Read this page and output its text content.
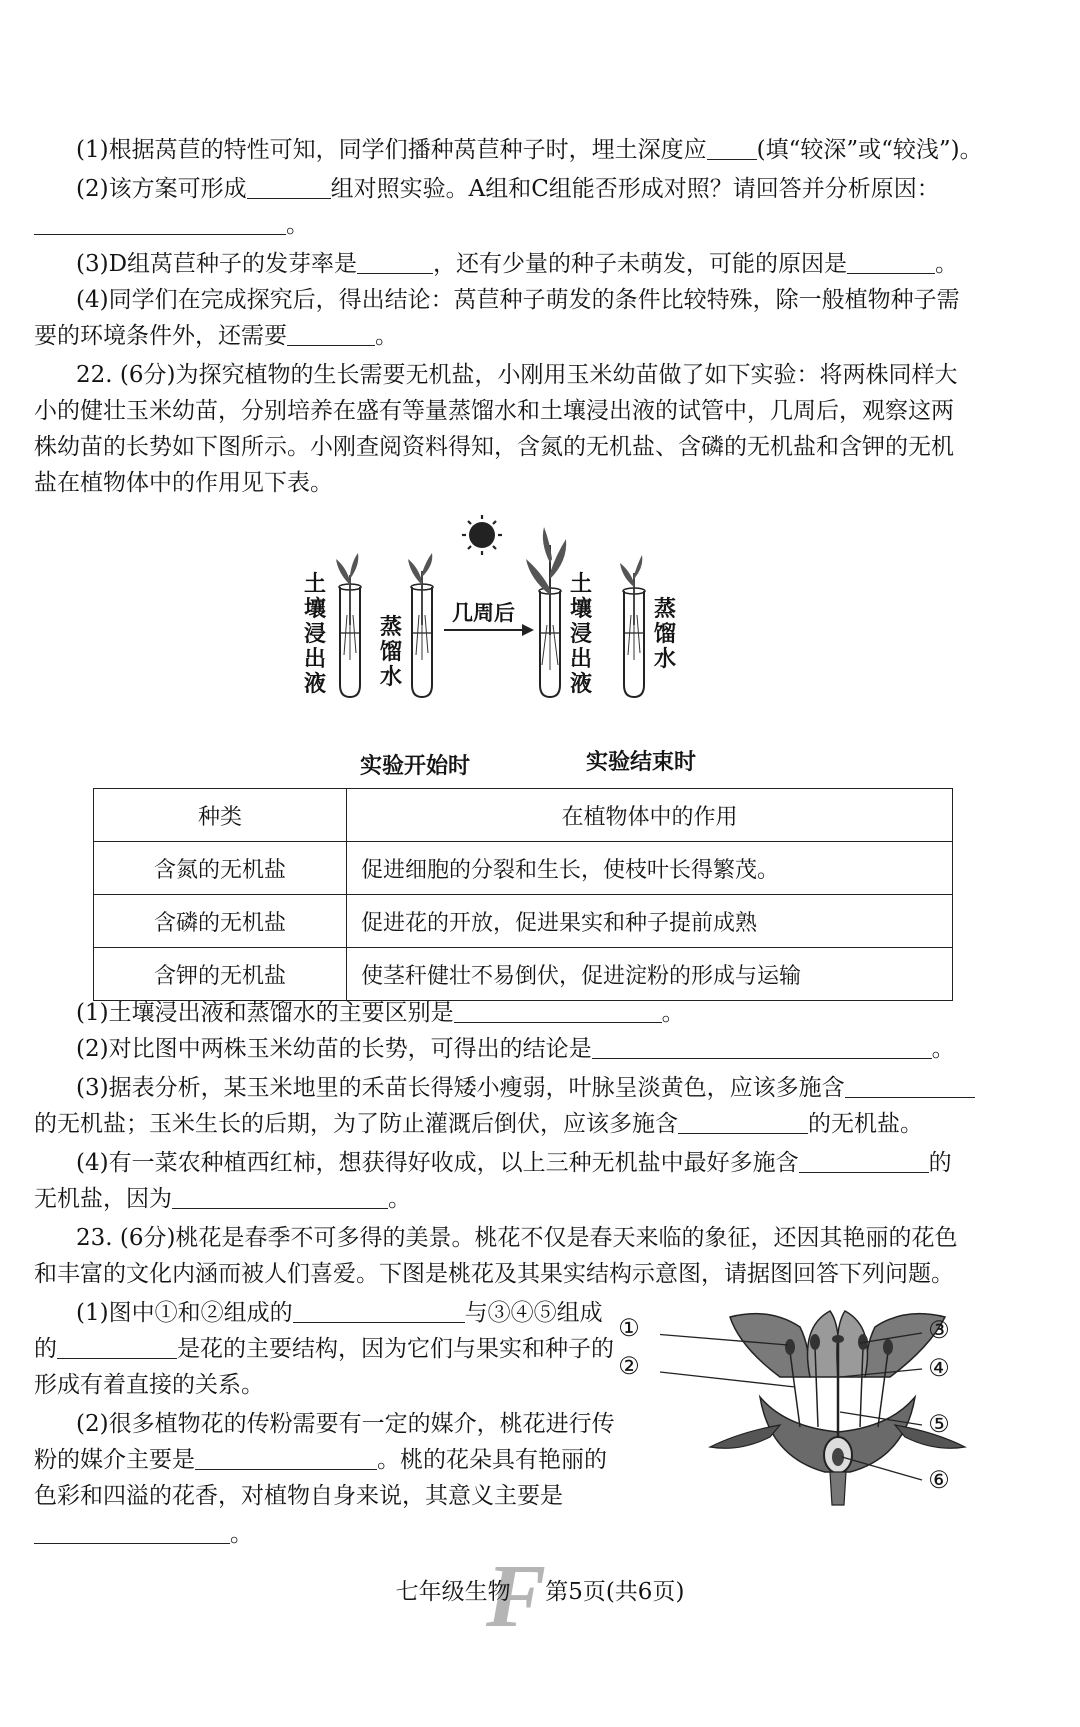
(1)根据莴苣的特性可知，同学们播种莴苣种子时，埋土深度应 (填“较深”或“较浅”)。
(2)该方案可形成	组对照实验。A组和C组能否形成对照？请回答并分析原因：
。
(3)D组莴苣种子的发芽率是	，还有少量的种子未萌发，可能的原因是	。
(4)同学们在完成探究后，得出结论：莴苣种子萌发的条件比较特殊，除一般植物种子需
要的环境条件外，还需要	。
22. (6分)为探究植物的生长需要无机盐，小刚用玉米幼苗做了如下实验：将两株同样大
小的健壮玉米幼苗，分别培养在盛有等量蒸馏水和土壤浸出液的试管中，几周后，观察这两
株幼苗的长势如下图所示。小刚查阅资料得知，含氮的无机盐、含磷的无机盐和含钾的无机
盐在植物体中的作用见下表。
土壤浸出液
蒸馏水
几周后
土壤浸出液
蒸馏水
实验开始时	实验结束时
种类	在植物体中的作用
含氮的无机盐	促进细胞的分裂和生长，使枝叶长得繁茂。
含磷的无机盐	促进花的开放，促进果实和种子提前成熟
含钾的无机盐	使茎秆健壮不易倒伏，促进淀粉的形成与运输
(1)土壤浸出液和蒸馏水的主要区别是	。
(2)对比图中两株玉米幼苗的长势，可得出的结论是	。
(3)据表分析，某玉米地里的禾苗长得矮小瘦弱，叶脉呈淡黄色，应该多施含
的无机盐；玉米生长的后期，为了防止灌溉后倒伏，应该多施含	的无机盐。
(4)有一菜农种植西红柿，想获得好收成，以上三种无机盐中最好多施含	的
无机盐，因为	。
23. (6分)桃花是春季不可多得的美景。桃花不仅是春天来临的象征，还因其艳丽的花色
和丰富的文化内涵而被人们喜爱。下图是桃花及其果实结构示意图，请据图回答下列问题。
(1)图中①和②组成的	与③④⑤组成
的	是花的主要结构，因为它们与果实和种子的
形成有着直接的关系。
(2)很多植物花的传粉需要有一定的媒介，桃花进行传
粉的媒介主要是	。桃的花朵具有艳丽的
色彩和四溢的花香，对植物自身来说，其意义主要是
。
①
②
③
④
⑤
⑥
F
七年级生物 第5页(共6页)
